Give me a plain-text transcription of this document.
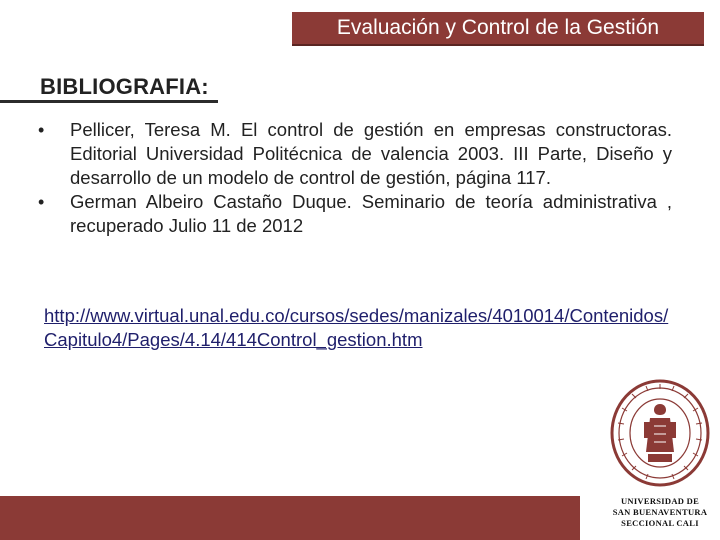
Evaluación y Control de la Gestión
BIBLIOGRAFIA:
• Pellicer, Teresa M. El control de gestión en empresas constructoras. Editorial Universidad Politécnica de valencia 2003. III Parte, Diseño y desarrollo de un modelo de control de gestión, página 117.
• German Albeiro Castaño Duque. Seminario de teoría administrativa , recuperado Julio 11 de 2012
http://www.virtual.unal.edu.co/cursos/sedes/manizales/4010014/Contenidos/Capitulo4/Pages/4.14/414Control_gestion.htm
UNIVERSIDAD DE
SAN BUENAVENTURA
SECCIONAL CALI
